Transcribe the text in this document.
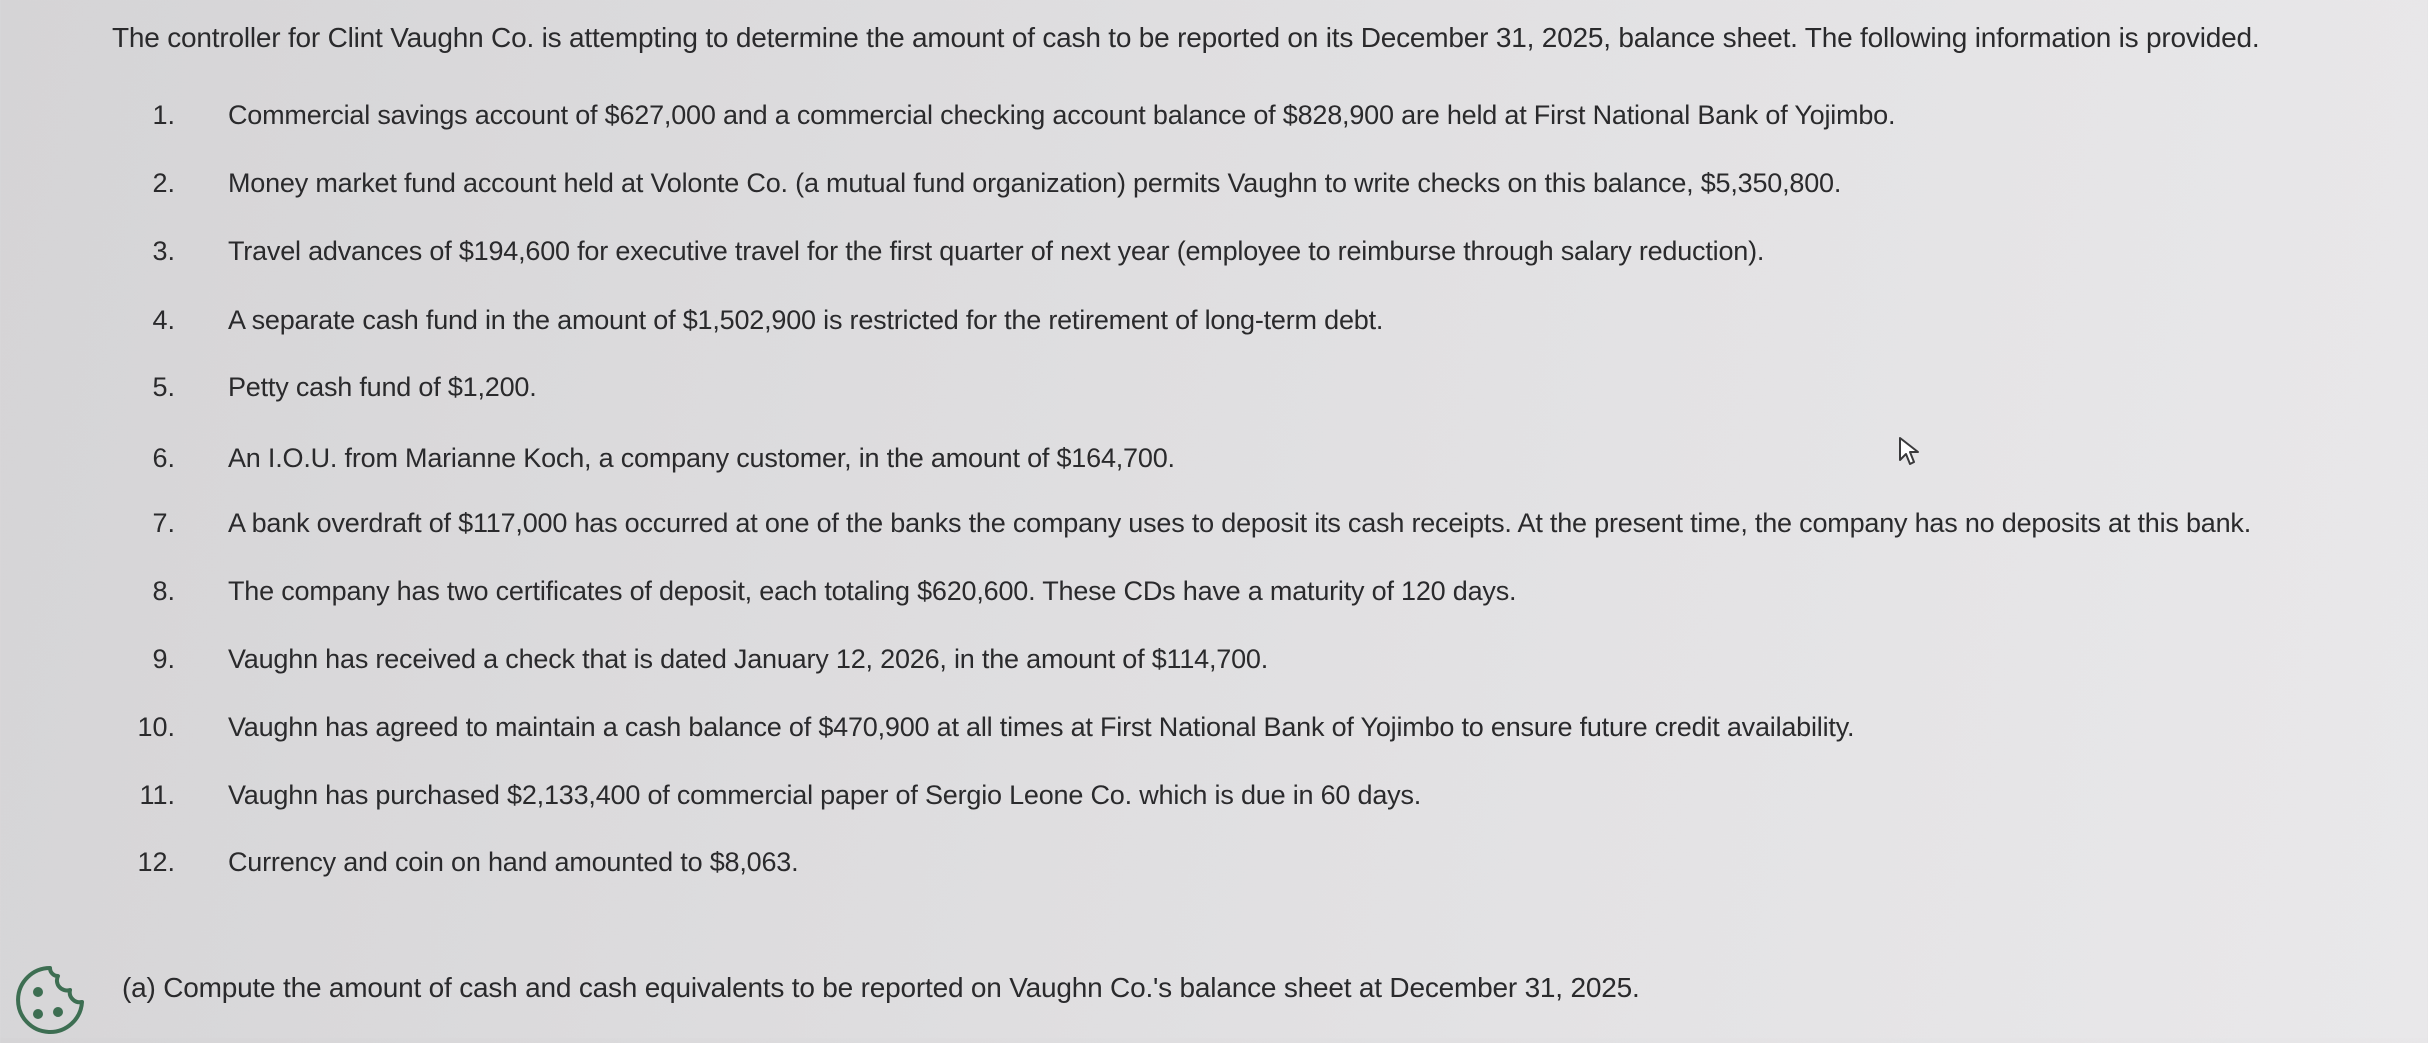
The controller for Clint Vaughn Co. is attempting to determine the amount of cash to be reported on its December 31, 2025, balance sheet. The following information is provided.
1. Commercial savings account of $627,000 and a commercial checking account balance of $828,900 are held at First National Bank of Yojimbo.
2. Money market fund account held at Volonte Co. (a mutual fund organization) permits Vaughn to write checks on this balance, $5,350,800.
3. Travel advances of $194,600 for executive travel for the first quarter of next year (employee to reimburse through salary reduction).
4. A separate cash fund in the amount of $1,502,900 is restricted for the retirement of long-term debt.
5. Petty cash fund of $1,200.
6. An I.O.U. from Marianne Koch, a company customer, in the amount of $164,700.
7. A bank overdraft of $117,000 has occurred at one of the banks the company uses to deposit its cash receipts. At the present time, the company has no deposits at this bank.
8. The company has two certificates of deposit, each totaling $620,600. These CDs have a maturity of 120 days.
9. Vaughn has received a check that is dated January 12, 2026, in the amount of $114,700.
10. Vaughn has agreed to maintain a cash balance of $470,900 at all times at First National Bank of Yojimbo to ensure future credit availability.
11. Vaughn has purchased $2,133,400 of commercial paper of Sergio Leone Co. which is due in 60 days.
12. Currency and coin on hand amounted to $8,063.
(a) Compute the amount of cash and cash equivalents to be reported on Vaughn Co.'s balance sheet at December 31, 2025.
